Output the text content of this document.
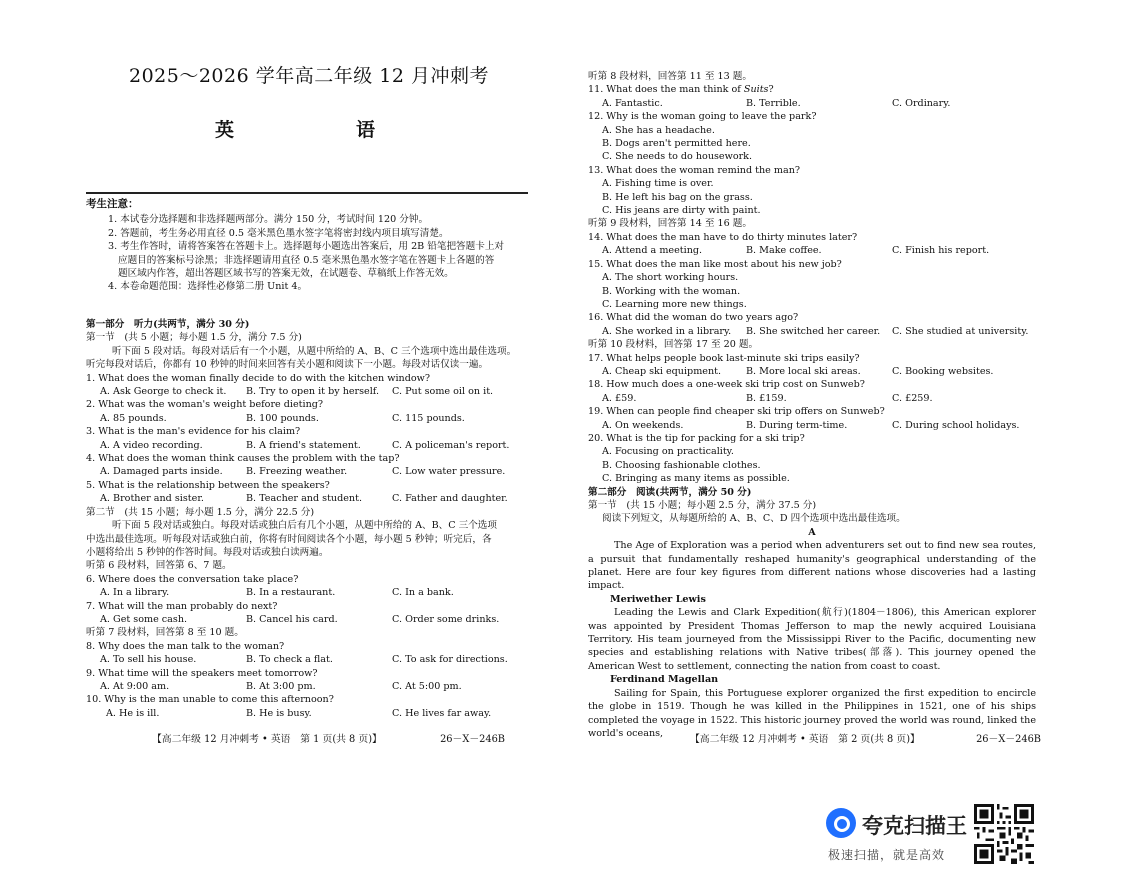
2025～2026 学年高二年级 12 月冲刺考
英　　语
考生注意：
1. 本试卷分选择题和非选择题两部分。满分 150 分，考试时间 120 分钟。
2. 答题前，考生务必用直径 0.5 毫米黑色墨水签字笔将密封线内项目填写清楚。
3. 考生作答时，请将答案答在答题卡上。选择题每小题选出答案后，用 2B 铅笔把答题卡上对
应题目的答案标号涂黑；非选择题请用直径 0.5 毫米黑色墨水签字笔在答题卡上各题的答
题区域内作答，超出答题区域书写的答案无效，在试题卷、草稿纸上作答无效。
4. 本卷命题范围：选择性必修第二册 Unit 4。
第一部分　听力(共两节，满分 30 分)
第一节　(共 5 小题；每小题 1.5 分，满分 7.5 分)
听下面 5 段对话。每段对话后有一个小题，从题中所给的 A、B、C 三个选项中选出最佳选项。
听完每段对话后，你都有 10 秒钟的时间来回答有关小题和阅读下一小题。每段对话仅读一遍。
1. What does the woman finally decide to do with the kitchen window?
A. Ask George to check it.	B. Try to open it by herself.	C. Put some oil on it.
2. What was the woman's weight before dieting?
A. 85 pounds.	B. 100 pounds.	C. 115 pounds.
3. What is the man's evidence for his claim?
A. A video recording.	B. A friend's statement.	C. A policeman's report.
4. What does the woman think causes the problem with the tap?
A. Damaged parts inside.	B. Freezing weather.	C. Low water pressure.
5. What is the relationship between the speakers?
A. Brother and sister.	B. Teacher and student.	C. Father and daughter.
第二节　(共 15 小题；每小题 1.5 分，满分 22.5 分)
听下面 5 段对话或独白。每段对话或独白后有几个小题，从题中所给的 A、B、C 三个选项
中选出最佳选项。听每段对话或独白前，你将有时间阅读各个小题，每小题 5 秒钟；听完后，各
小题将给出 5 秒钟的作答时间。每段对话或独白读两遍。
听第 6 段材料，回答第 6、7 题。
6. Where does the conversation take place?
A. In a library.	B. In a restaurant.	C. In a bank.
7. What will the man probably do next?
A. Get some cash.	B. Cancel his card.	C. Order some drinks.
听第 7 段材料，回答第 8 至 10 题。
8. Why does the man talk to the woman?
A. To sell his house.	B. To check a flat.	C. To ask for directions.
9. What time will the speakers meet tomorrow?
A. At 9:00 am.	B. At 3:00 pm.	C. At 5:00 pm.
10. Why is the man unable to come this afternoon?
A. He is ill.	B. He is busy.	C. He lives far away.
【高二年级 12 月冲刺考 • 英语　第 1 页(共 8 页)】	26－X－246B
听第 8 段材料，回答第 11 至 13 题。
11. What does the man think of Suits?
A. Fantastic.	B. Terrible.	C. Ordinary.
12. Why is the woman going to leave the park?
A. She has a headache.
B. Dogs aren't permitted here.
C. She needs to do housework.
13. What does the woman remind the man?
A. Fishing time is over.
B. He left his bag on the grass.
C. His jeans are dirty with paint.
听第 9 段材料，回答第 14 至 16 题。
14. What does the man have to do thirty minutes later?
A. Attend a meeting.	B. Make coffee.	C. Finish his report.
15. What does the man like most about his new job?
A. The short working hours.
B. Working with the woman.
C. Learning more new things.
16. What did the woman do two years ago?
A. She worked in a library.	B. She switched her career.	C. She studied at university.
听第 10 段材料，回答第 17 至 20 题。
17. What helps people book last-minute ski trips easily?
A. Cheap ski equipment.	B. More local ski areas.	C. Booking websites.
18. How much does a one-week ski trip cost on Sunweb?
A. £59.	B. £159.	C. £259.
19. When can people find cheaper ski trip offers on Sunweb?
A. On weekends.	B. During term-time.	C. During school holidays.
20. What is the tip for packing for a ski trip?
A. Focusing on practicality.
B. Choosing fashionable clothes.
C. Bringing as many items as possible.
第二部分　阅读(共两节，满分 50 分)
第一节　(共 15 小题；每小题 2.5 分，满分 37.5 分)
阅读下列短文，从每题所给的 A、B、C、D 四个选项中选出最佳选项。
A
The Age of Exploration was a period when adventurers set out to find new sea routes, a pursuit that fundamentally reshaped humanity's geographical understanding of the planet. Here are four key figures from different nations whose discoveries had a lasting impact.
Meriwether Lewis
Leading the Lewis and Clark Expedition(航行)(1804－1806), this American explorer was appointed by President Thomas Jefferson to map the newly acquired Louisiana Territory. His team journeyed from the Mississippi River to the Pacific, documenting new species and establishing relations with Native tribes(部落). This journey opened the American West to settlement, connecting the nation from coast to coast.
Ferdinand Magellan
Sailing for Spain, this Portuguese explorer organized the first expedition to encircle the globe in 1519. Though he was killed in the Philippines in 1521, one of his ships completed the voyage in 1522. This historic journey proved the world was round, linked the world's oceans,
【高二年级 12 月冲刺考 • 英语　第 2 页(共 8 页)】	26－X－246B
夸克扫描王
极速扫描，就是高效
